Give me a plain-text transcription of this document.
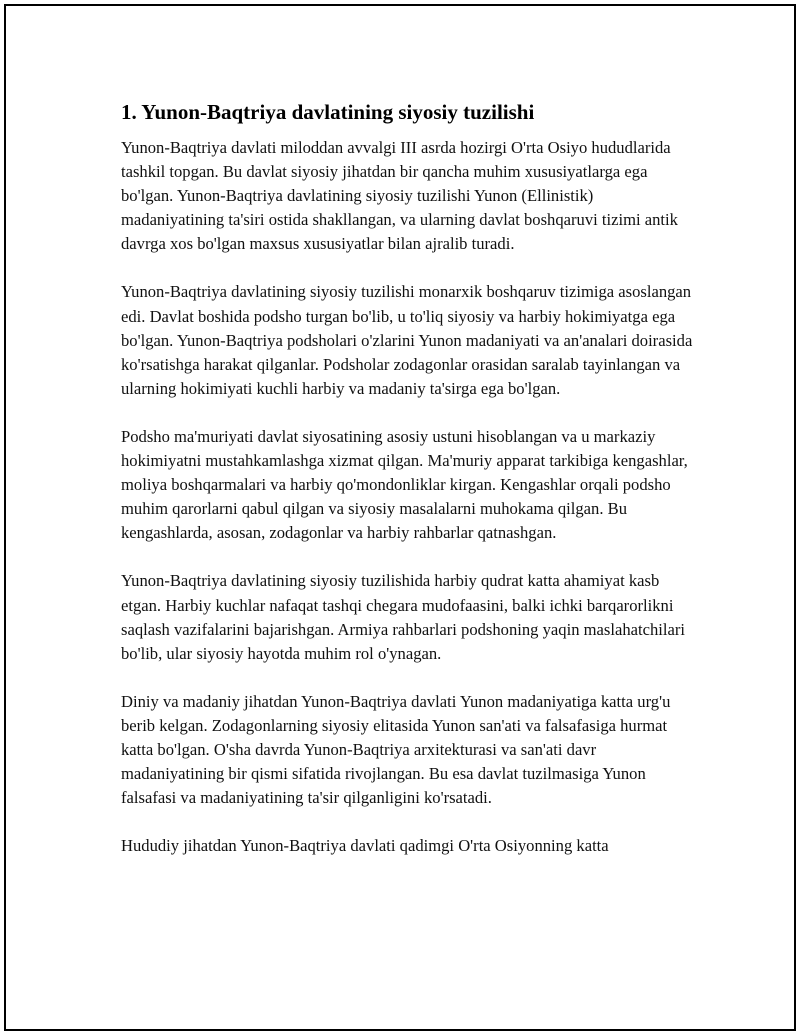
1. Yunon-Baqtriya davlatining siyosiy tuzilishi

Yunon-Baqtriya davlati miloddan avvalgi III asrda hozirgi O'rta Osiyo hududlarida tashkil topgan. Bu davlat siyosiy jihatdan bir qancha muhim xususiyatlarga ega bo'lgan. Yunon-Baqtriya davlatining siyosiy tuzilishi Yunon (Ellinistik) madaniyatining ta'siri ostida shakllangan, va ularning davlat boshqaruvi tizimi antik davrga xos bo'lgan maxsus xususiyatlar bilan ajralib turadi.

Yunon-Baqtriya davlatining siyosiy tuzilishi monarxik boshqaruv tizimiga asoslangan edi. Davlat boshida podsho turgan bo'lib, u to'liq siyosiy va harbiy hokimiyatga ega bo'lgan. Yunon-Baqtriya podsholari o'zlarini Yunon madaniyati va an'analari doirasida ko'rsatishga harakat qilganlar. Podsholar zodagonlar orasidan saralab tayinlangan va ularning hokimiyati kuchli harbiy va madaniy ta'sirga ega bo'lgan.

Podsho ma'muriyati davlat siyosatining asosiy ustuni hisoblangan va u markaziy hokimiyatni mustahkamlashga xizmat qilgan. Ma'muriy apparat tarkibiga kengashlar, moliya boshqarmalari va harbiy qo'mondonliklar kirgan. Kengashlar orqali podsho muhim qarorlarni qabul qilgan va siyosiy masalalarni muhokama qilgan. Bu kengashlarda, asosan, zodagonlar va harbiy rahbarlar qatnashgan.

Yunon-Baqtriya davlatining siyosiy tuzilishida harbiy qudrat katta ahamiyat kasb etgan. Harbiy kuchlar nafaqat tashqi chegara mudofaasini, balki ichki barqarorlikni saqlash vazifalarini bajarishgan. Armiya rahbarlari podshoning yaqin maslahatchilari bo'lib, ular siyosiy hayotda muhim rol o'ynagan.

Diniy va madaniy jihatdan Yunon-Baqtriya davlati Yunon madaniyatiga katta urg'u berib kelgan. Zodagonlarning siyosiy elitasida Yunon san'ati va falsafasiga hurmat katta bo'lgan. O'sha davrda Yunon-Baqtriya arxitekturasi va san'ati davr madaniyatining bir qismi sifatida rivojlangan. Bu esa davlat tuzilmasiga Yunon falsafasi va madaniyatining ta'sir qilganligini ko'rsatadi.

Hududiy jihatdan Yunon-Baqtriya davlati qadimgi O'rta Osiyonning katta
